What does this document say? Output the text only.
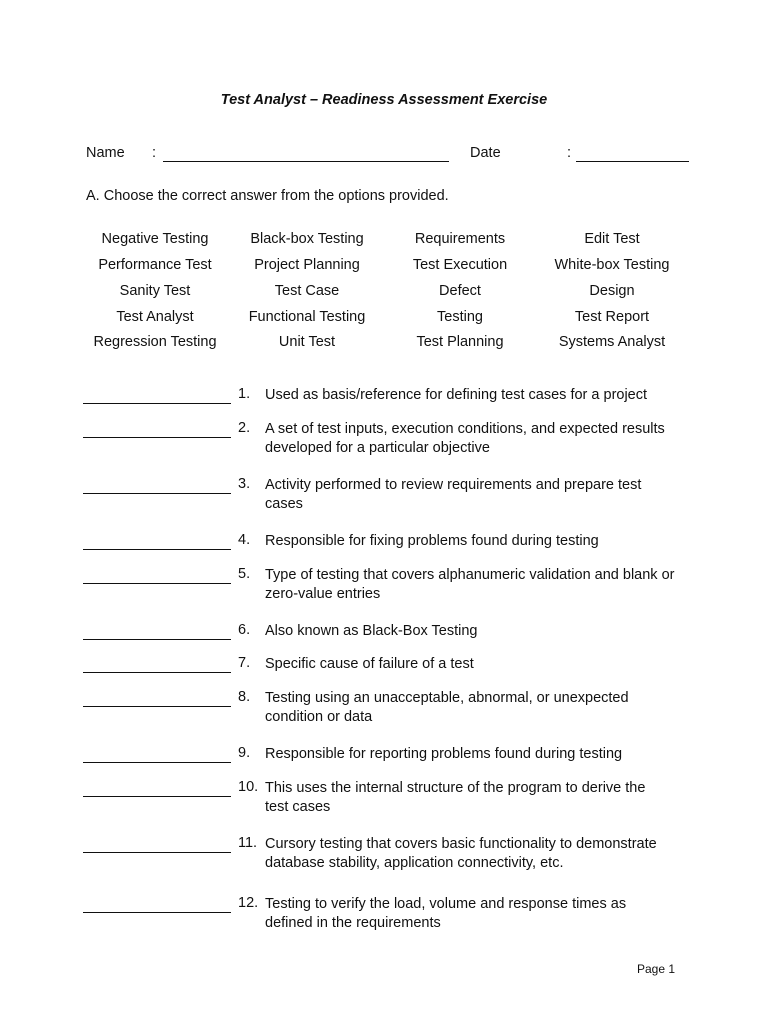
Test Analyst – Readiness Assessment Exercise
Name :	Date	:
A. Choose the correct answer from the options provided.
Negative Testing	Black-box Testing	Requirements	Edit Test
Performance Test	Project Planning	Test Execution	White-box Testing
Sanity Test	Test Case	Defect	Design
Test Analyst	Functional Testing	Testing	Test Report
Regression Testing	Unit Test	Test Planning	Systems Analyst
1. Used as basis/reference for defining test cases for a project
2. A set of test inputs, execution conditions, and expected results developed for a particular objective
3. Activity performed to review requirements and prepare test cases
4. Responsible for fixing problems found during testing
5. Type of testing that covers alphanumeric validation and blank or zero-value entries
6. Also known as Black-Box Testing
7. Specific cause of failure of a test
8. Testing using an unacceptable, abnormal, or unexpected condition or data
9. Responsible for reporting problems found during testing
10. This uses the internal structure of the program to derive the test cases
11. Cursory testing that covers basic functionality to demonstrate database stability, application connectivity, etc.
12. Testing to verify the load, volume and response times as defined in the requirements
Page 1
